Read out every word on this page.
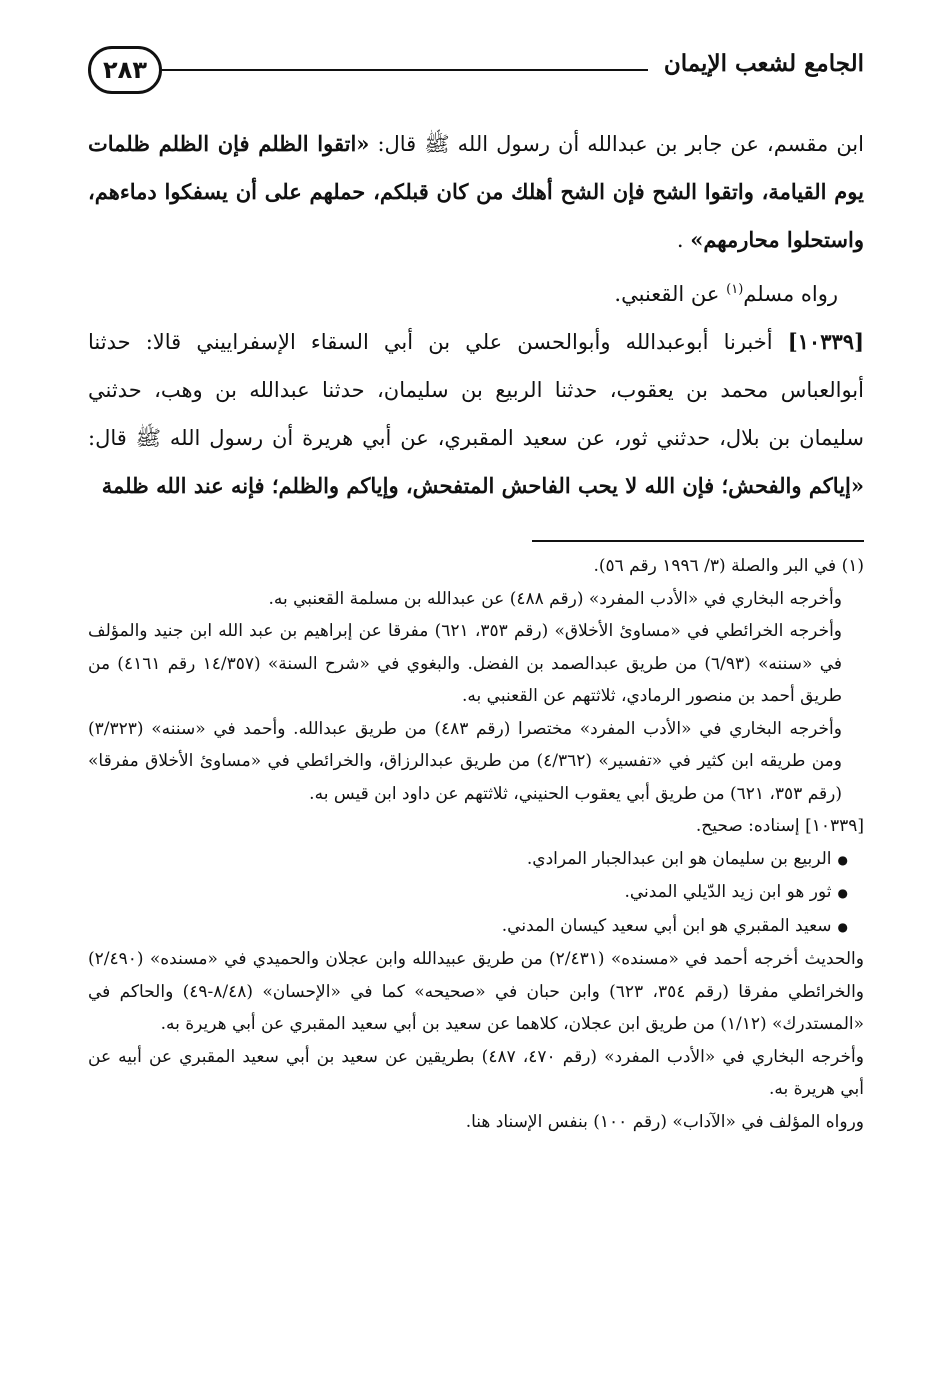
٢٨٣	الجامع لشعب الإيمان

ابن مقسم، عن جابر بن عبدالله أن رسول الله ﷺ قال: «اتقوا الظلم فإن الظلم ظلمات يوم القيامة، واتقوا الشح فإن الشح أهلك من كان قبلكم، حملهم على أن يسفكوا دماءهم، واستحلوا محارمهم» .

رواه مسلم$^{(١)}$ عن القعنبي.

[١٠٣٣٩] أخبرنا أبوعبدالله وأبوالحسن علي بن أبي السقاء الإسفراييني قالا: حدثنا أبوالعباس محمد بن يعقوب، حدثنا الربيع بن سليمان، حدثنا عبدالله بن وهب، حدثني سليمان بن بلال، حدثني ثور، عن سعيد المقبري، عن أبي هريرة أن رسول الله ﷺ قال: «إياكم والفحش؛ فإن الله لا يحب الفاحش المتفحش، وإياكم والظلم؛ فإنه عند الله ظلمة

(١) في البر والصلة (٣/ ١٩٩٦ رقم ٥٦).

وأخرجه البخاري في «الأدب المفرد» (رقم ٤٨٨) عن عبدالله بن مسلمة القعنبي به.

وأخرجه الخرائطي في «مساوئ الأخلاق» (رقم ٣٥٣، ٦٢١) مفرقا عن إبراهيم بن عبد الله ابن جنيد والمؤلف في «سننه» (٦/٩٣) من طريق عبدالصمد بن الفضل. والبغوي في «شرح السنة» (١٤/٣٥٧ رقم ٤١٦١) من طريق أحمد بن منصور الرمادي، ثلاثتهم عن القعنبي به.

وأخرجه البخاري في «الأدب المفرد» مختصرا (رقم ٤٨٣) من طريق عبدالله. وأحمد في «سننه» (٣/٣٢٣) ومن طريقه ابن كثير في «تفسير» (٤/٣٦٢) من طريق عبدالرزاق، والخرائطي في «مساوئ الأخلاق مفرقا» (رقم ٣٥٣، ٦٢١) من طريق أبي يعقوب الحنيني، ثلاثتهم عن داود ابن قيس به.

[١٠٣٣٩] إسناده: صحيح.

●الربيع بن سليمان هو ابن عبدالجبار المرادي.

●ثور هو ابن زيد الدّيلي المدني.

●سعيد المقبري هو ابن أبي سعيد كيسان المدني.

والحديث أخرجه أحمد في «مسنده» (٢/٤٣١) من طريق عبيدالله وابن عجلان والحميدي في «مسنده» (٢/٤٩٠) والخرائطي مفرقا (رقم ٣٥٤، ٦٢٣) وابن حبان في «صحيحه» كما في «الإحسان» (٨/٤٨-٤٩) والحاكم في «المستدرك» (١/١٢) من طريق ابن عجلان، كلاهما عن سعيد بن أبي سعيد المقبري عن أبي هريرة به.

وأخرجه البخاري في «الأدب المفرد» (رقم ٤٧٠، ٤٨٧) بطريقين عن سعيد بن أبي سعيد المقبري عن أبيه عن أبي هريرة به.

ورواه المؤلف في «الآداب» (رقم ١٠٠) بنفس الإسناد هنا.
